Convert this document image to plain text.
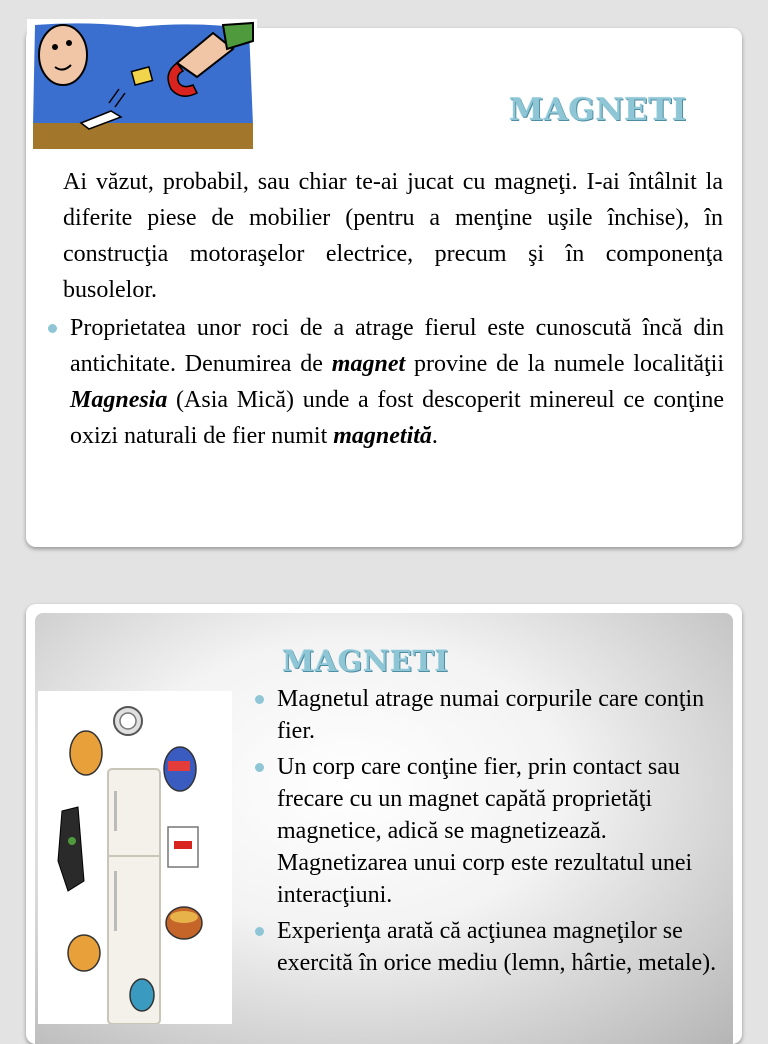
MAGNETI
Ai văzut, probabil, sau chiar te-ai jucat cu magneţi. I-ai întâlnit la diferite piese de mobilier (pentru a menţine uşile închise), în construcţia motoraşelor electrice, precum şi în componenţa busolelor.
Proprietatea unor roci de a atrage fierul este cunoscută încă din antichitate. Denumirea de magnet provine de la numele localităţii Magnesia (Asia Mică) unde a fost descoperit minereul ce conţine oxizi naturali de fier numit magnetită.
MAGNETI
Magnetul atrage numai corpurile care conţin fier.
Un corp care conţine fier, prin contact sau frecare cu un magnet capătă proprietăţi magnetice, adică se magnetizează. Magnetizarea unui corp este rezultatul unei interacţiuni.
Experienţa arată că acţiunea magneţilor se exercită în orice mediu (lemn, hârtie, metale).
